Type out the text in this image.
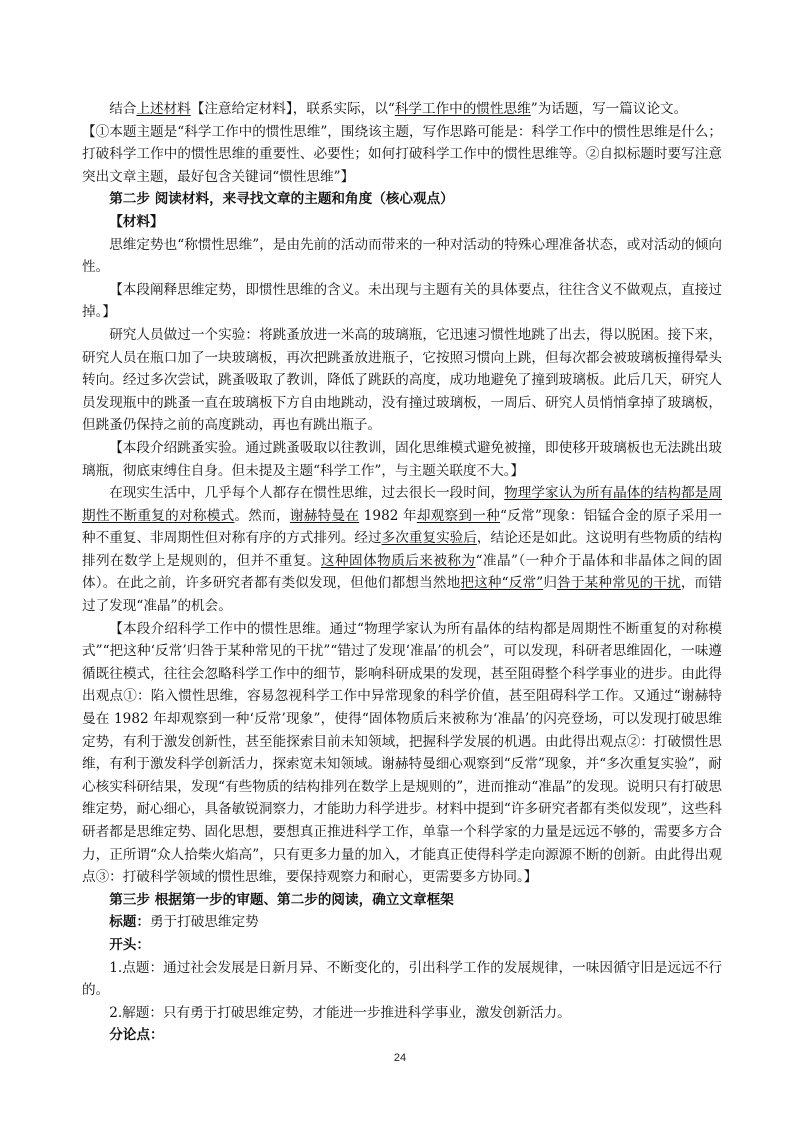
结合上述材料【注意给定材料】，联系实际，以“科学工作中的惯性思维”为话题，写一篇议论文。

【①本题主题是“科学工作中的惯性思维”，围绕该主题，写作思路可能是：科学工作中的惯性思维是什么；打破科学工作中的惯性思维的重要性、必要性；如何打破科学工作中的惯性思维等。②自拟标题时要写注意突出文章主题，最好包含关键词“惯性思维”】

第二步 阅读材料，来寻找文章的主题和角度（核心观点）

【材料】

思维定势也“称惯性思维”，是由先前的活动而带来的一种对活动的特殊心理准备状态，或对活动的倾向性。

【本段阐释思维定势，即惯性思维的含义。未出现与主题有关的具体要点，往往含义不做观点，直接过掉。】

研究人员做过一个实验：将跳蚤放进一米高的玻璃瓶，它迅速习惯性地跳了出去，得以脱困。接下来，研究人员在瓶口加了一块玻璃板，再次把跳蚤放进瓶子，它按照习惯向上跳，但每次都会被玻璃板撞得晕头转向。经过多次尝试，跳蚤吸取了教训，降低了跳跃的高度，成功地避免了撞到玻璃板。此后几天，研究人员发现瓶中的跳蚤一直在玻璃板下方自由地跳动，没有撞过玻璃板，一周后、研究人员悄悄拿掉了玻璃板，但跳蚤仍保持之前的高度跳动，再也有跳出瓶子。

【本段介绍跳蚤实验。通过跳蚤吸取以往教训，固化思维模式避免被撞，即使移开玻璃板也无法跳出玻璃瓶，彻底束缚住自身。但未提及主题“科学工作”，与主题关联度不大。】

在现实生活中，几乎每个人都存在惯性思维，过去很长一段时间，物理学家认为所有晶体的结构都是周期性不断重复的对称模式。然而，谢赫特曼在 1982 年却观察到一种“反常”现象：铝锰合金的原子采用一种不重复、非周期性但对称有序的方式排列。经过多次重复实验后，结论还是如此。这说明有些物质的结构排列在数学上是规则的，但并不重复。这种固体物质后来被称为“准晶”（一种介于晶体和非晶体之间的固体）。在此之前，许多研究者都有类似发现，但他们都想当然地把这种“反常”归咎于某种常见的干扰，而错过了发现“准晶”的机会。

【本段介绍科学工作中的惯性思维。通过“物理学家认为所有晶体的结构都是周期性不断重复的对称模式”“把这种‘反常’归咎于某种常见的干扰”“错过了发现‘准晶’的机会”，可以发现，科研者思维固化，一味遵循既往模式，往往会忽略科学工作中的细节，影响科研成果的发现，甚至阻碍整个科学事业的进步。由此得出观点①：陷入惯性思维，容易忽视科学工作中异常现象的科学价值，甚至阻碍科学工作。又通过“谢赫特曼在 1982 年却观察到一种‘反常’现象”，使得“固体物质后来被称为‘准晶’的闪亮登场，可以发现打破思维定势，有利于激发创新性，甚至能探索目前未知领域，把握科学发展的机遇。由此得出观点②：打破惯性思维，有利于激发科学创新活力，探索宽未知领域。谢赫特曼细心观察到“反常”现象，并“多次重复实验”，耐心核实科研结果，发现“有些物质的结构排列在数学上是规则的”，进而推动“准晶”的发现。说明只有打破思维定势，耐心细心，具备敏锐洞察力，才能助力科学进步。材料中提到“许多研究者都有类似发现”，这些科研者都是思维定势、固化思想，要想真正推进科学工作，单靠一个科学家的力量是远远不够的，需要多方合力，正所谓“众人拾柴火焰高”，只有更多力量的加入，才能真正使得科学走向源源不断的创新。由此得出观点③：打破科学领域的惯性思维，要保持观察力和耐心，更需要多方协同。】

第三步 根据第一步的审题、第二步的阅读，确立文章框架

标题：勇于打破思维定势

开头：

1.点题：通过社会发展是日新月异、不断变化的，引出科学工作的发展规律，一味因循守旧是远远不行的。

2.解题：只有勇于打破思维定势，才能进一步推进科学事业，激发创新活力。

分论点：

24
